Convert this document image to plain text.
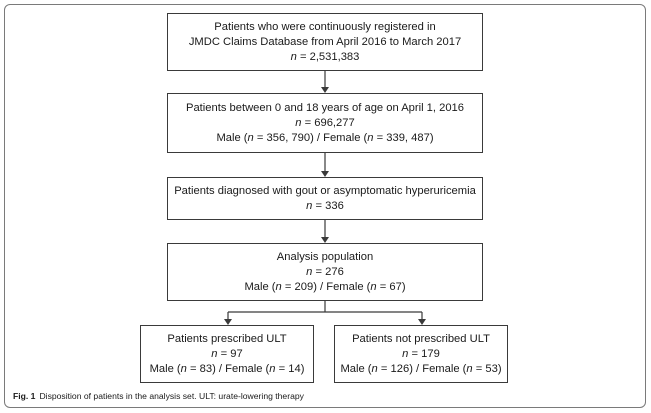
Patients who were continuously registered in
JMDC Claims Database from April 2016 to March 2017
n = 2,531,383
Patients between 0 and 18 years of age on April 1, 2016
n = 696,277
Male (n = 356, 790) / Female (n = 339, 487)
Patients diagnosed with gout or asymptomatic hyperuricemia
n = 336
Analysis population
n = 276
Male (n = 209) / Female (n = 67)
Patients prescribed ULT
n = 97
Male (n = 83) / Female (n = 14)
Patients not prescribed ULT
n = 179
Male (n = 126) / Female (n = 53)
Fig. 1 Disposition of patients in the analysis set. ULT: urate-lowering therapy
